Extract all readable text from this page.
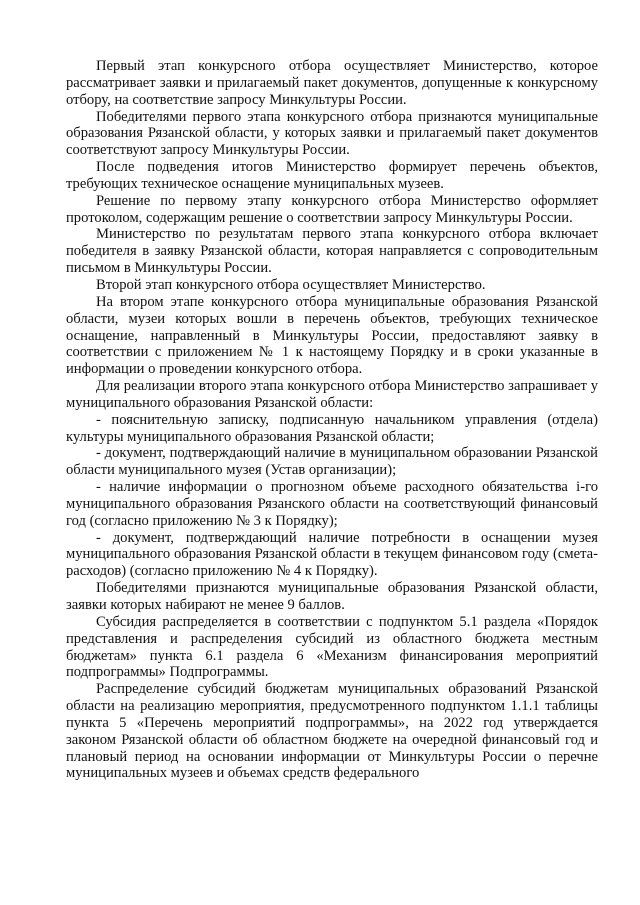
Первый этап конкурсного отбора осуществляет Министерство, которое рассматривает заявки и прилагаемый пакет документов, допущенные к конкурсному отбору, на соответствие запросу Минкультуры России.

Победителями первого этапа конкурсного отбора признаются муниципальные образования Рязанской области, у которых заявки и прилагаемый пакет документов соответствуют запросу Минкультуры России.

После подведения итогов Министерство формирует перечень объектов, требующих техническое оснащение муниципальных музеев.

Решение по первому этапу конкурсного отбора Министерство оформляет протоколом, содержащим решение о соответствии запросу Минкультуры России.

Министерство по результатам первого этапа конкурсного отбора включает победителя в заявку Рязанской области, которая направляется с сопроводительным письмом в Минкультуры России.

Второй этап конкурсного отбора осуществляет Министерство.

На втором этапе конкурсного отбора муниципальные образования Рязанской области, музеи которых вошли в перечень объектов, требующих техническое оснащение, направленный в Минкультуры России, предоставляют заявку в соответствии с приложением № 1 к настоящему Порядку и в сроки указанные в информации о проведении конкурсного отбора.

Для реализации второго этапа конкурсного отбора Министерство запрашивает у муниципального образования Рязанской области:

- пояснительную записку, подписанную начальником управления (отдела) культуры муниципального образования Рязанской области;

- документ, подтверждающий наличие в муниципальном образовании Рязанской области муниципального музея (Устав организации);

- наличие информации о прогнозном объеме расходного обязательства i-го муниципального образования Рязанского области на соответствующий финансовый год (согласно приложению № 3 к Порядку);

- документ, подтверждающий наличие потребности в оснащении музея муниципального образования Рязанской области в текущем финансовом году (смета-расходов) (согласно приложению № 4 к Порядку).

Победителями признаются муниципальные образования Рязанской области, заявки которых набирают не менее 9 баллов.

Субсидия распределяется в соответствии с подпунктом 5.1 раздела «Порядок представления и распределения субсидий из областного бюджета местным бюджетам» пункта 6.1 раздела 6 «Механизм финансирования мероприятий подпрограммы» Подпрограммы.

Распределение субсидий бюджетам муниципальных образований Рязанской области на реализацию мероприятия, предусмотренного подпунктом 1.1.1 таблицы пункта 5 «Перечень мероприятий подпрограммы», на 2022 год утверждается законом Рязанской области об областном бюджете на очередной финансовый год и плановый период на основании информации от Минкультуры России о перечне муниципальных музеев и объемах средств федерального
